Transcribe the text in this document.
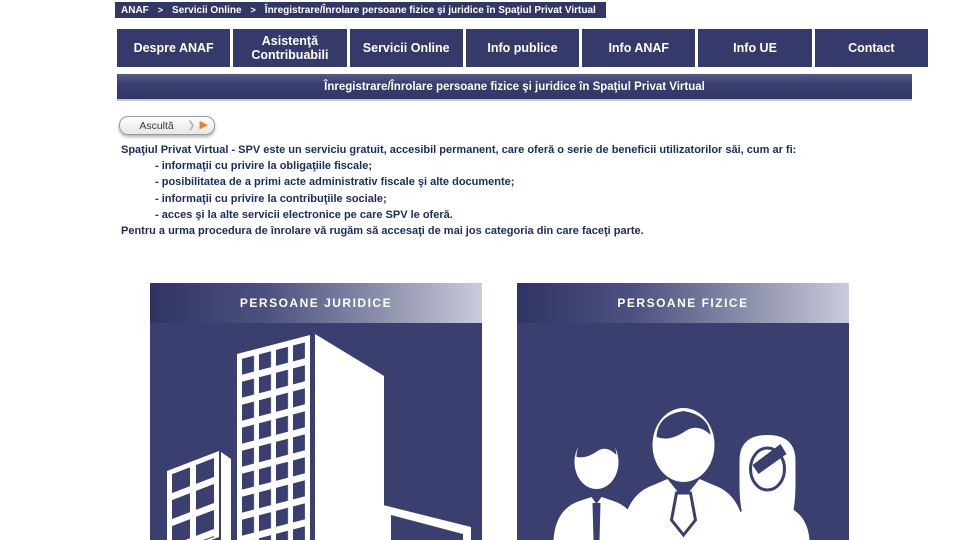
ANAF > Servicii Online > Înregistrare/Înrolare persoane fizice şi juridice în Spaţiul Privat Virtual
Despre ANAF	Asistenţă Contribuabili	Servicii Online	Info publice	Info ANAF	Info UE	Contact
Înregistrare/Înrolare persoane fizice şi juridice în Spaţiul Privat Virtual
Ascultă	❯ ▶
Spaţiul Privat Virtual - SPV este un serviciu gratuit, accesibil permanent, care oferă o serie de beneficii utilizatorilor săi, cum ar fi:
- informaţii cu privire la obligaţiile fiscale;
- posibilitatea de a primi acte administrativ fiscale şi alte documente;
- informaţii cu privire la contribuţiile sociale;
- acces şi la alte servicii electronice pe care SPV le oferă.
Pentru a urma procedura de înrolare vă rugăm să accesaţi de mai jos categoria din care faceţi parte.
PERSOANE JURIDICE	PERSOANE FIZICE
